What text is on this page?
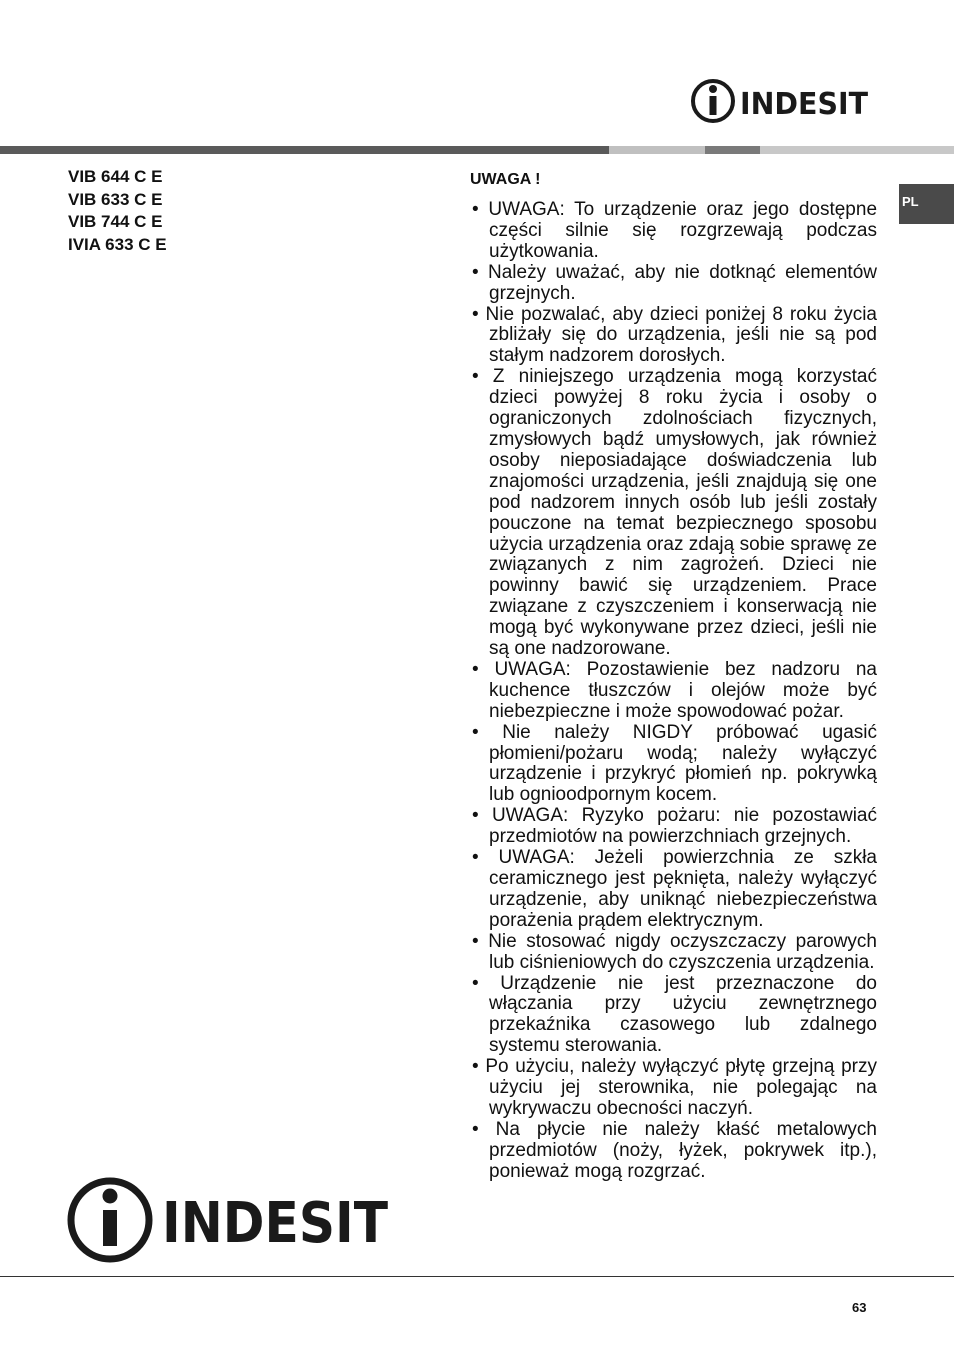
INDESIT
VIB 644 C E
VIB 633 C E
VIB 744 C E
IVIA 633 C E
PL
UWAGA !
• UWAGA: To urządzenie oraz jego dostępne części silnie się rozgrzewają podczas użytkowania.
• Należy uważać, aby nie dotknąć elementów grzejnych.
• Nie pozwalać, aby dzieci poniżej 8 roku życia zbliżały się do urządzenia, jeśli nie są pod stałym nadzorem dorosłych.
• Z niniejszego urządzenia mogą korzystać dzieci powyżej 8 roku życia i osoby o ograniczonych zdolnościach fizycznych, zmysłowych bądź umysłowych, jak również osoby nieposiadające doświadczenia lub znajomości urządzenia, jeśli znajdują się one pod nadzorem innych osób lub jeśli zostały pouczone na temat bezpiecznego sposobu użycia urządzenia oraz zdają sobie sprawę ze związanych z nim zagrożeń. Dzieci nie powinny bawić się urządzeniem. Prace związane z czyszczeniem i konserwacją nie mogą być wykonywane przez dzieci, jeśli nie są one nadzorowane.
• UWAGA: Pozostawienie bez nadzoru na kuchence tłuszczów i olejów może być niebezpieczne i może spowodować pożar.
• Nie należy NIGDY próbować ugasić płomieni/pożaru wodą; należy wyłączyć urządzenie i przykryć płomień np. pokrywką lub ognioodpornym kocem.
• UWAGA: Ryzyko pożaru: nie pozostawiać przedmiotów na powierzchniach grzejnych.
• UWAGA: Jeżeli powierzchnia ze szkła ceramicznego jest pęknięta, należy wyłączyć urządzenie, aby uniknąć niebezpieczeństwa porażenia prądem elektrycznym.
• Nie stosować nigdy oczyszczaczy parowych lub ciśnieniowych do czyszczenia urządzenia.
• Urządzenie nie jest przeznaczone do włączania przy użyciu zewnętrznego przekaźnika czasowego lub zdalnego systemu sterowania.
• Po użyciu, należy wyłączyć płytę grzejną przy użyciu jej sterownika, nie polegając na wykrywaczu obecności naczyń.
• Na płycie nie należy kłaść metalowych przedmiotów (noży, łyżek, pokrywek itp.), ponieważ mogą rozgrzać.
INDESIT
63
